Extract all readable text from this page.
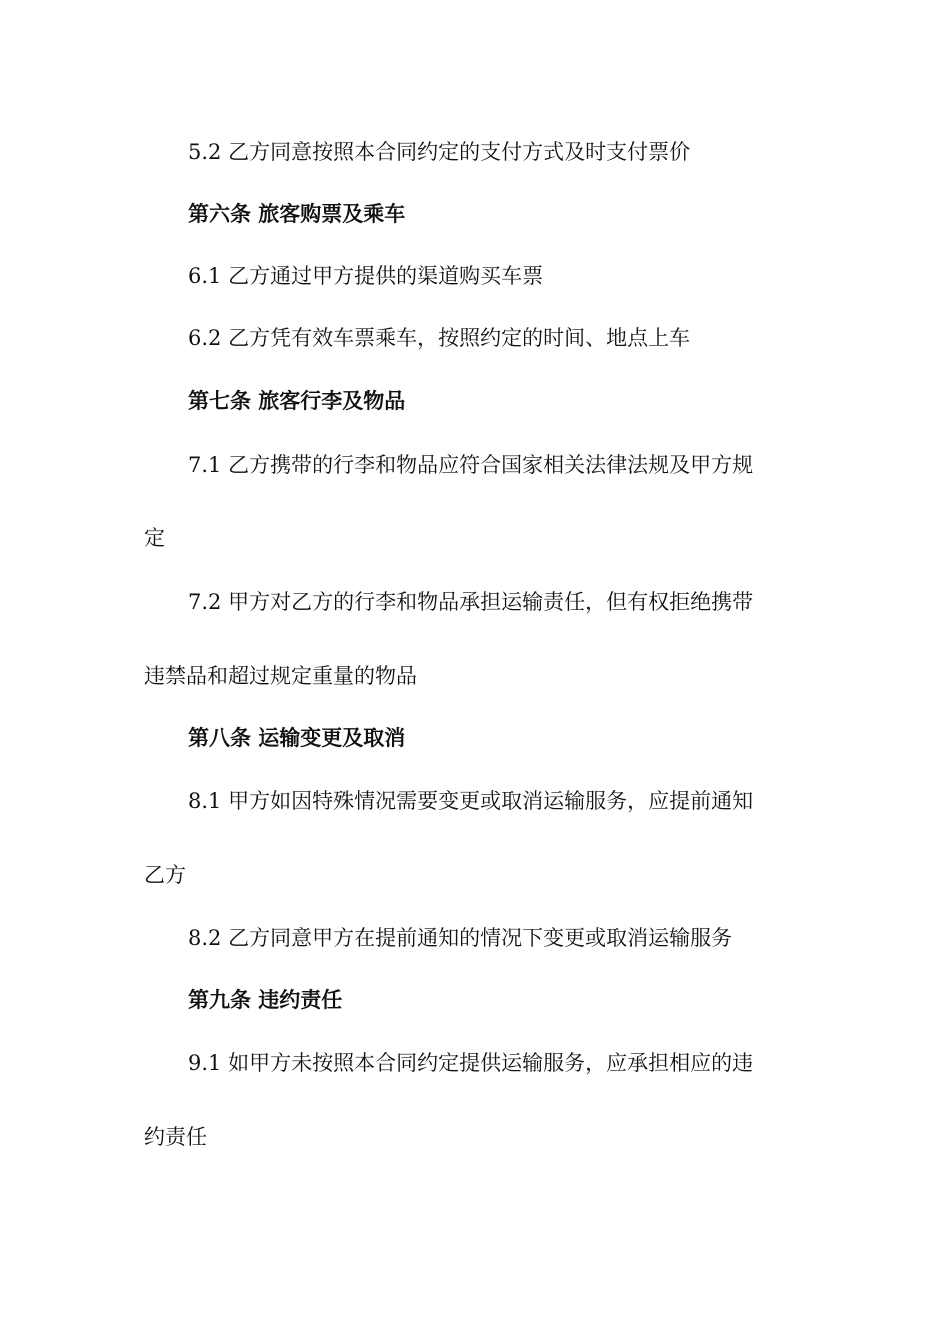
5.2 乙方同意按照本合同约定的支付方式及时支付票价
第六条 旅客购票及乘车
6.1 乙方通过甲方提供的渠道购买车票
6.2 乙方凭有效车票乘车，按照约定的时间、地点上车
第七条 旅客行李及物品
7.1 乙方携带的行李和物品应符合国家相关法律法规及甲方规
定
7.2 甲方对乙方的行李和物品承担运输责任，但有权拒绝携带
违禁品和超过规定重量的物品
第八条 运输变更及取消
8.1 甲方如因特殊情况需要变更或取消运输服务，应提前通知
乙方
8.2 乙方同意甲方在提前通知的情况下变更或取消运输服务
第九条 违约责任
9.1 如甲方未按照本合同约定提供运输服务，应承担相应的违
约责任
